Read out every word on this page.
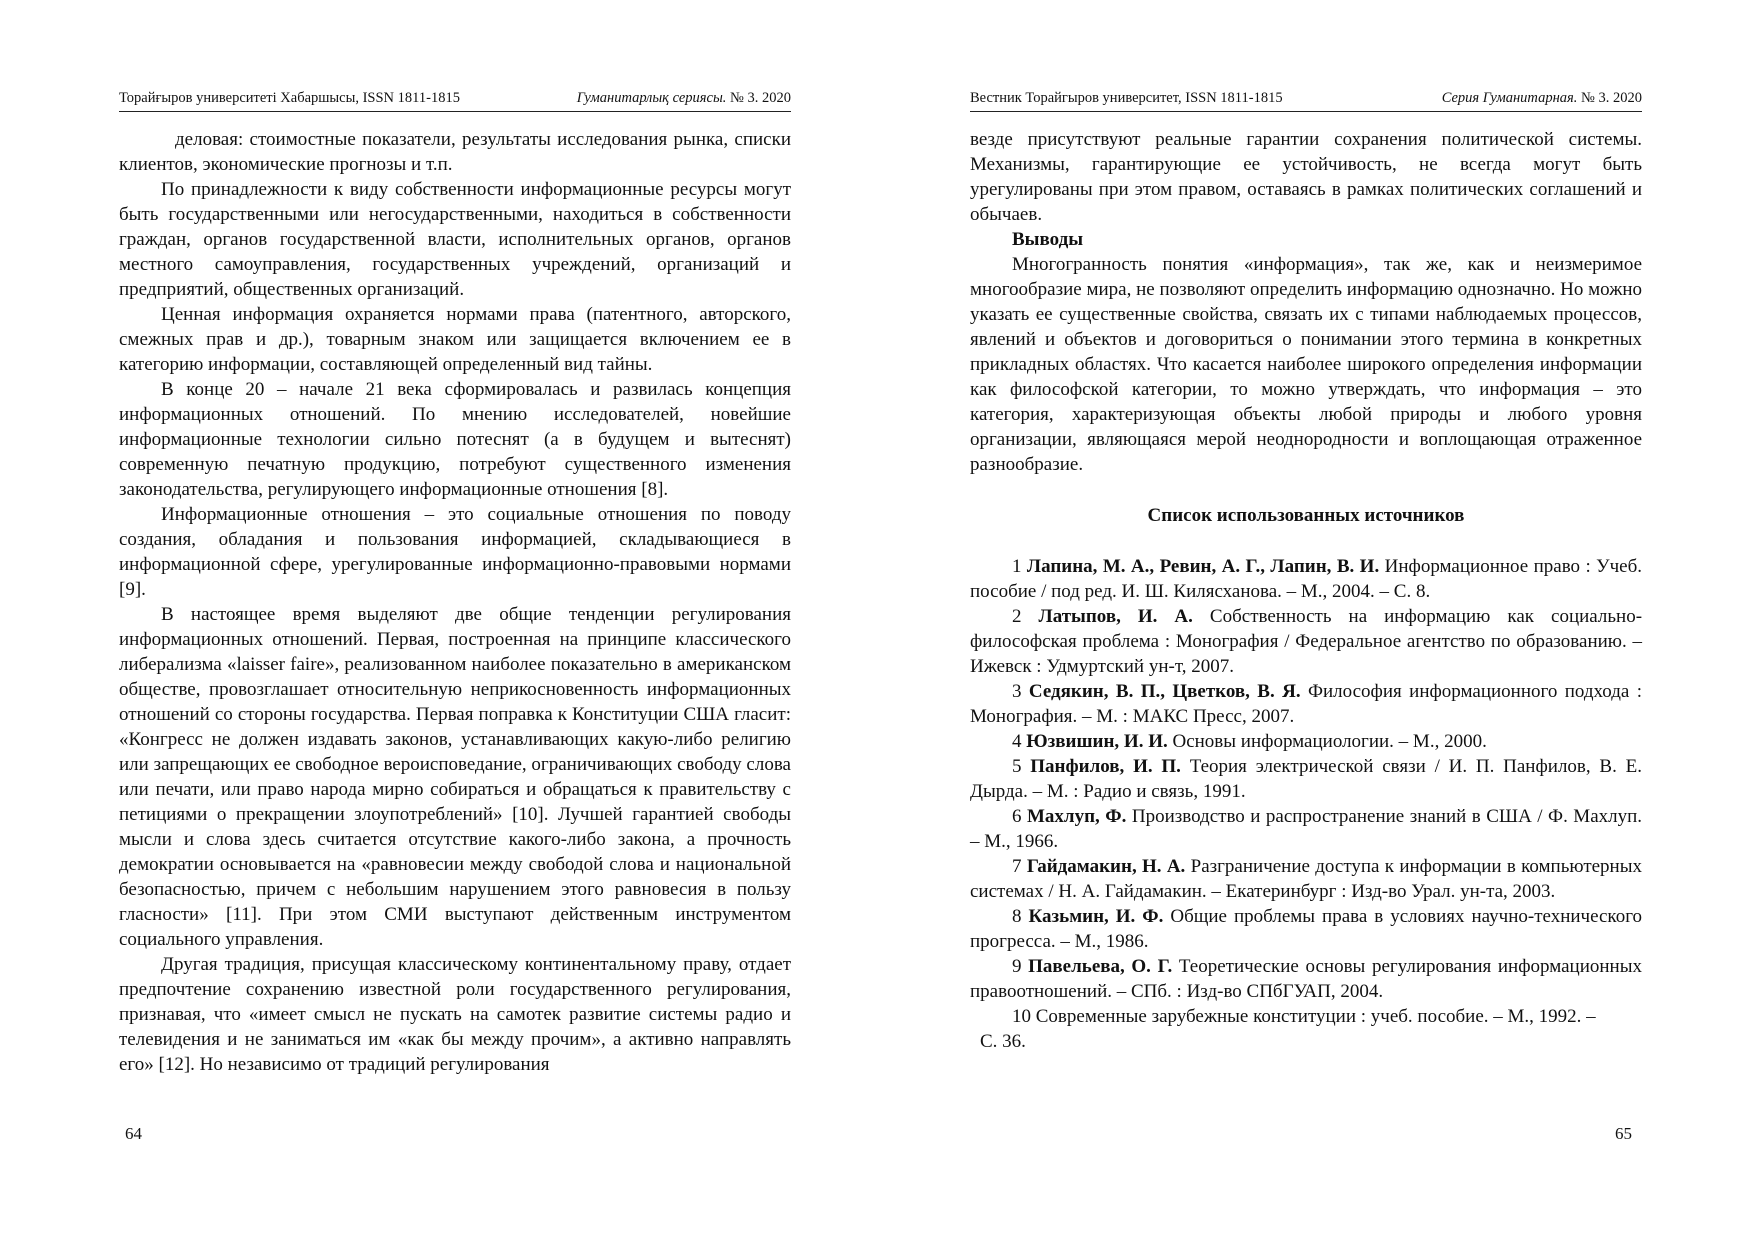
Торайғыров университетi Хабаршысы, ISSN 1811-1815	Гуманитарлық сериясы. № 3. 2020

деловая: стоимостные показатели, результаты исследования рынка, списки клиентов, экономические прогнозы и т.п.

По принадлежности к виду собственности информационные ресурсы могут быть государственными или негосударственными, находиться в собственности граждан, органов государственной власти, исполнительных органов, органов местного самоуправления, государственных учреждений, организаций и предприятий, общественных организаций.

Ценная информация охраняется нормами права (патентного, авторского, смежных прав и др.), товарным знаком или защищается включением ее в категорию информации, составляющей определенный вид тайны.

В конце 20 – начале 21 века сформировалась и развилась концепция информационных отношений. По мнению исследователей, новейшие информационные технологии сильно потеснят (а в будущем и вытеснят) современную печатную продукцию, потребуют существенного изменения законодательства, регулирующего информационные отношения [8].

Информационные отношения – это социальные отношения по поводу создания, обладания и пользования информацией, складывающиеся в информационной сфере, урегулированные информационно-правовыми нормами [9].

В настоящее время выделяют две общие тенденции регулирования информационных отношений. Первая, построенная на принципе классического либерализма «laisser faire», реализованном наиболее показательно в американском обществе, провозглашает относительную неприкосновенность информационных отношений со стороны государства. Первая поправка к Конституции США гласит: «Конгресс не должен издавать законов, устанавливающих какую-либо религию или запрещающих ее свободное вероисповедание, ограничивающих свободу слова или печати, или право народа мирно собираться и обращаться к правительству с петициями о прекращении злоупотреблений» [10]. Лучшей гарантией свободы мысли и слова здесь считается отсутствие какого-либо закона, а прочность демократии основывается на «равновесии между свободой слова и национальной безопасностью, причем с небольшим нарушением этого равновесия в пользу гласности» [11]. При этом СМИ выступают действенным инструментом социального управления.

Другая традиция, присущая классическому континентальному праву, отдает предпочтение сохранению известной роли государственного регулирования, признавая, что «имеет смысл не пускать на самотек развитие системы радио и телевидения и не заниматься им «как бы между прочим», а активно направлять его» [12]. Но независимо от традиций регулирования

64
Вестник Торайгыров университет, ISSN 1811-1815	Серия Гуманитарная. № 3. 2020

везде присутствуют реальные гарантии сохранения политической системы. Механизмы, гарантирующие ее устойчивость, не всегда могут быть урегулированы при этом правом, оставаясь в рамках политических соглашений и обычаев.

Выводы

Многогранность понятия «информация», так же, как и неизмеримое многообразие мира, не позволяют определить информацию однозначно. Но можно указать ее существенные свойства, связать их с типами наблюдаемых процессов, явлений и объектов и договориться о понимании этого термина в конкретных прикладных областях. Что касается наиболее широкого определения информации как философской категории, то можно утверждать, что информация – это категория, характеризующая объекты любой природы и любого уровня организации, являющаяся мерой неоднородности и воплощающая отраженное разнообразие.

Список использованных источников

1 Лапина, М. А., Ревин, А. Г., Лапин, В. И. Информационное право : Учеб. пособие / под ред. И. Ш. Килясханова. – М., 2004. – С. 8.

2 Латыпов, И. А. Собственность на информацию как социально-философская проблема : Монография / Федеральное агентство по образованию. – Ижевск : Удмуртский ун-т, 2007.

3 Седякин, В. П., Цветков, В. Я. Философия информационного подхода : Монография. – М. : МАКС Пресс, 2007.

4 Юзвишин, И. И. Основы информациологии. – М., 2000.

5 Панфилов, И. П. Теория электрической связи / И. П. Панфилов, В. Е. Дырда. – М. : Радио и связь, 1991.

6 Махлуп, Ф. Производство и распространение знаний в США / Ф. Махлуп. – М., 1966.

7 Гайдамакин, Н. А. Разграничение доступа к информации в компьютерных системах / Н. А. Гайдамакин. – Екатеринбург : Изд-во Урал. ун-та, 2003.

8 Казьмин, И. Ф. Общие проблемы права в условиях научно-технического прогресса. – М., 1986.

9 Павельева, О. Г. Теоретические основы регулирования информационных правоотношений. – СПб. : Изд-во СПбГУАП, 2004.

10 Современные зарубежные конституции : учеб. пособие. – М., 1992. –

С. 36.

65
